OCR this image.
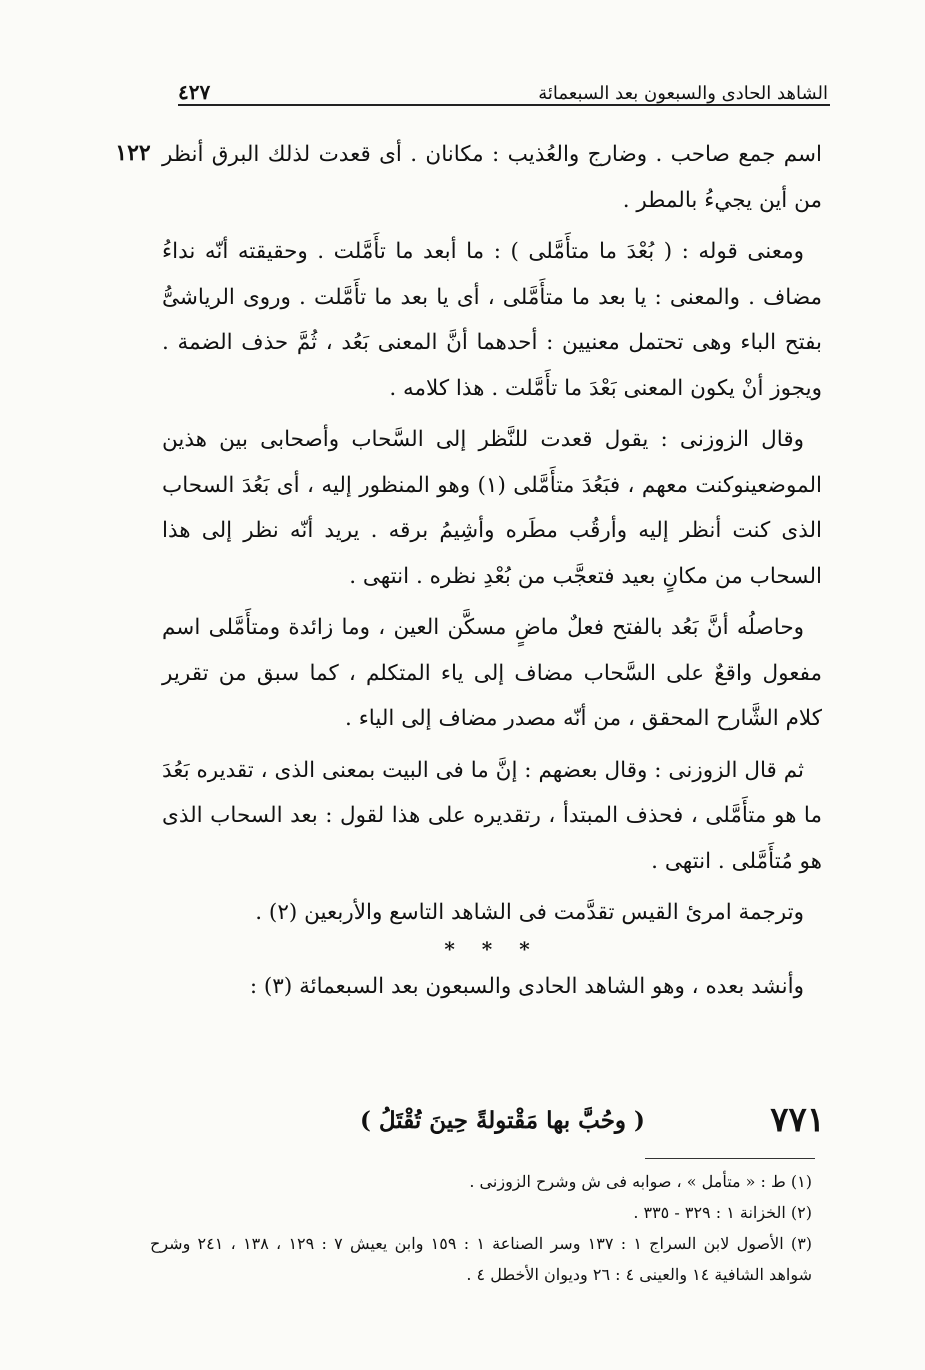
الشاهد الحادى والسبعون بعد السبعمائة
٤٢٧
١٢٢ اسم جمع صاحب . وضارج والعُذيب : مكانان . أى قعدت لذلك البرق أنظر من أين يجيءُ بالمطر .

ومعنى قوله : ( بُعْدَ ما متأَمَّلى ) : ما أبعد ما تأَمَّلت . وحقيقته أنّه نداءُ مضاف . والمعنى : يا بعد ما متأَمَّلى ، أى يا بعد ما تأَمَّلت . وروى الرياشىُّ بفتح الباء وهى تحتمل معنيين : أحدهما أنَّ المعنى بَعُد ، ثُمَّ حذف الضمة . ويجوز أنْ يكون المعنى بَعْدَ ما تأَمَّلت . هذا كلامه .

وقال الزوزنى : يقول قعدت للنَّظر إلى السَّحاب وأصحابى بين هذين الموضعينوكنت معهم ، فبَعُدَ متأَمَّلى (١) وهو المنظور إليه ، أى بَعُدَ السحاب الذى كنت أنظر إليه وأرقُب مطَره وأشِيمُ برقه . يريد أنّه نظر إلى هذا السحاب من مكانٍ بعيد فتعجَّب من بُعْدِ نظره . انتهى .

وحاصلُه أنَّ بَعُد بالفتح فعلٌ ماضٍ مسكَّن العين ، وما زائدة ومتأَمَّلى اسم مفعول واقعٌ على السَّحاب مضاف إلى ياء المتكلم ، كما سبق من تقرير كلام الشَّارح المحقق ، من أنّه مصدر مضاف إلى الياء .

ثم قال الزوزنى : وقال بعضهم : إنَّ ما فى البيت بمعنى الذى ، تقديره بَعُدَ ما هو متأَمَّلى ، فحذف المبتدأ ، رتقديره على هذا لقول : بعد السحاب الذى هو مُتأَمَّلى . انتهى .

وترجمة امرئ القيس تقدَّمت فى الشاهد التاسع والأربعين (٢) .

* * *

وأنشد بعده ، وهو الشاهد الحادى والسبعون بعد السبعمائة (٣) :

٧٧١
( وحُبَّ بها مَقْتولةً حِينَ تُقْتَلُ )
(١) ط : « متأمل » ، صوابه فى ش وشرح الزوزنى .
(٢) الخزانة ١ : ٣٢٩ - ٣٣٥ .
(٣) الأصول لابن السراج ١ : ١٣٧ وسر الصناعة ١ : ١٥٩ وابن يعيش ٧ : ١٢٩ ، ١٣٨ ، ٢٤١ وشرح شواهد الشافية ١٤ والعينى ٤ : ٢٦ وديوان الأخطل ٤ .
